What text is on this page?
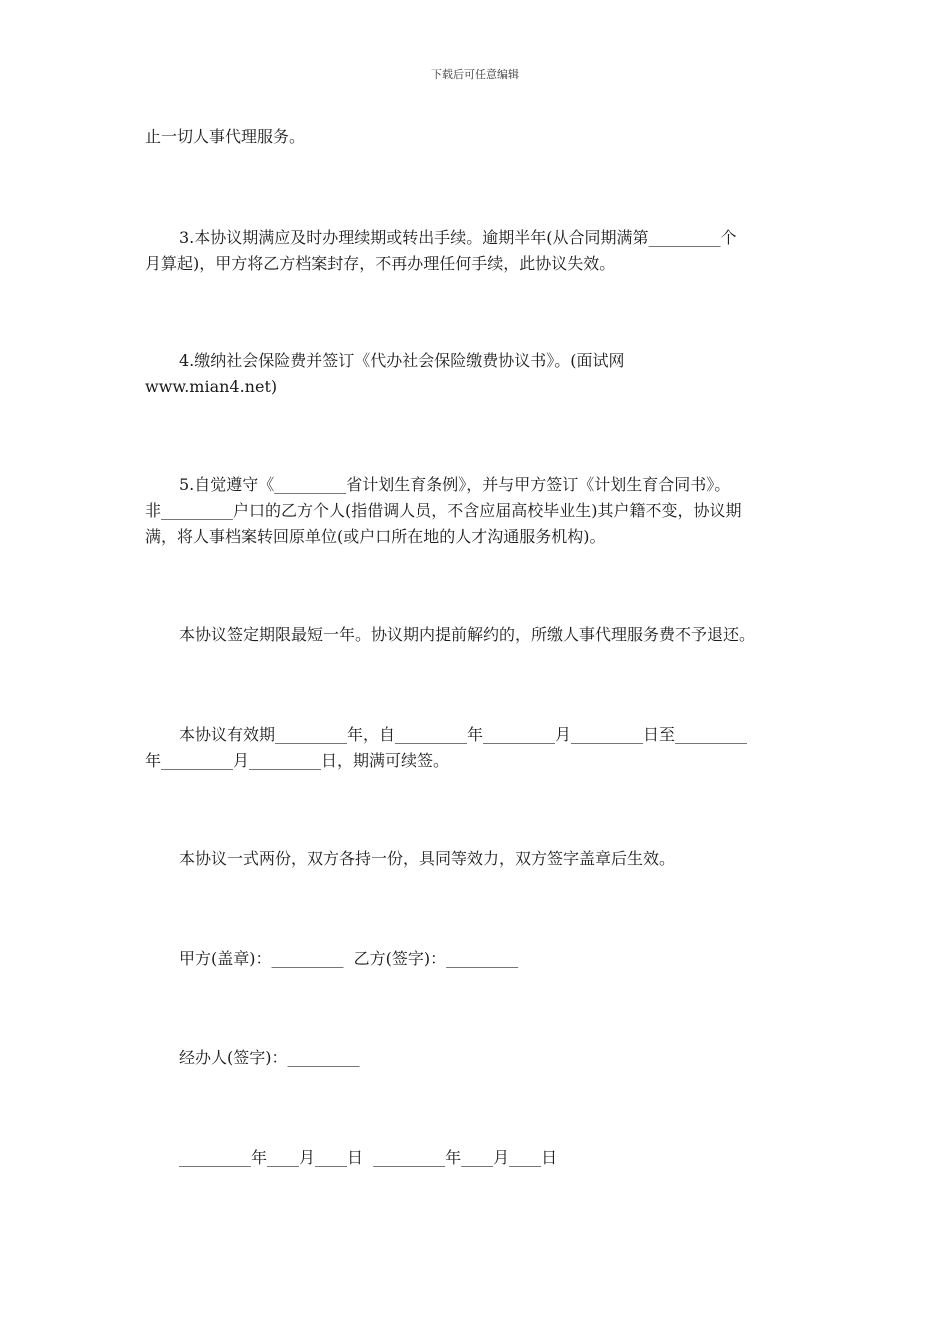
下载后可任意编辑
止一切人事代理服务。
3.本协议期满应及时办理续期或转出手续。逾期半年(从合同期满第_________个
月算起)，甲方将乙方档案封存，不再办理任何手续，此协议失效。
4.缴纳社会保险费并签订《代办社会保险缴费协议书》。(面试网
www.mian4.net)
5.自觉遵守《_________省计划生育条例》，并与甲方签订《计划生育合同书》。
非_________户口的乙方个人(指借调人员，不含应届高校毕业生)其户籍不变，协议期
满，将人事档案转回原单位(或户口所在地的人才沟通服务机构)。
本协议签定期限最短一年。协议期内提前解约的，所缴人事代理服务费不予退还。
本协议有效期_________年，自_________年_________月_________日至_________
年_________月_________日，期满可续签。
本协议一式两份，双方各持一份，具同等效力，双方签字盖章后生效。
甲方(盖章)：_________  乙方(签字)：_________
经办人(签字)：_________
_________年____月____日  _________年____月____日
